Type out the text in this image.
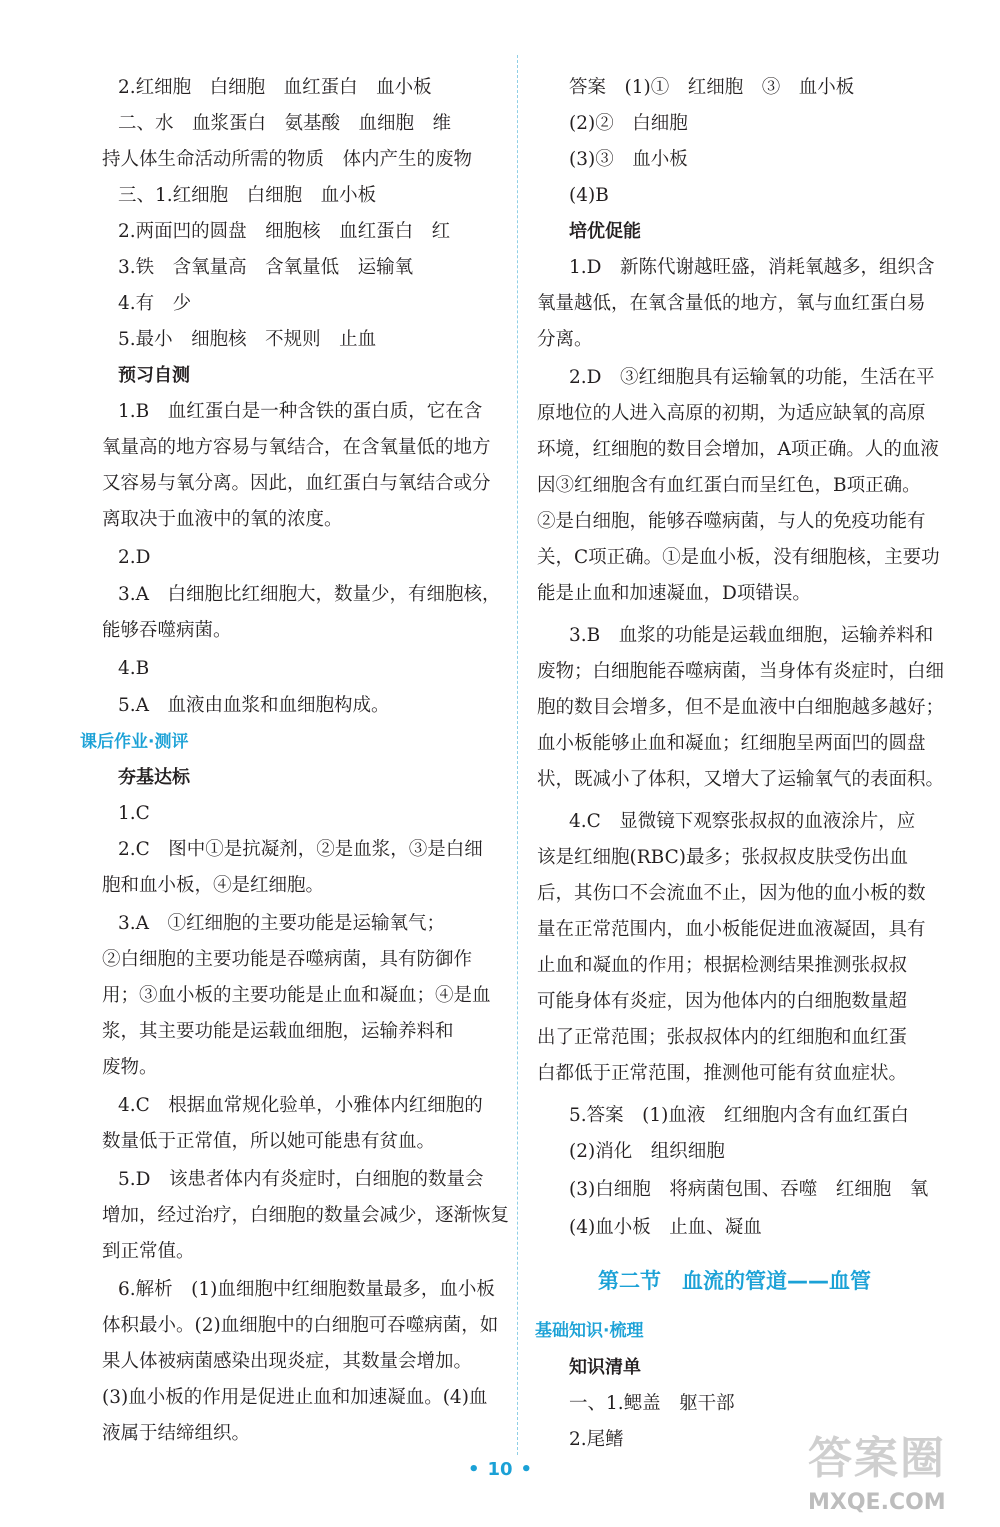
2.红细胞　白细胞　血红蛋白　血小板
二、水　血浆蛋白　氨基酸　血细胞　维
持人体生命活动所需的物质　体内产生的废物
三、1.红细胞　白细胞　血小板
2.两面凹的圆盘　细胞核　血红蛋白　红
3.铁　含氧量高　含氧量低　运输氧
4.有　少
5.最小　细胞核　不规则　止血
预习自测
1.B　血红蛋白是一种含铁的蛋白质，它在含
氧量高的地方容易与氧结合，在含氧量低的地方
又容易与氧分离。因此，血红蛋白与氧结合或分
离取决于血液中的氧的浓度。
2.D
3.A　白细胞比红细胞大，数量少，有细胞核，
能够吞噬病菌。
4.B
5.A　血液由血浆和血细胞构成。
课后作业·测评
夯基达标
1.C
2.C　图中①是抗凝剂，②是血浆，③是白细
胞和血小板，④是红细胞。
3.A　①红细胞的主要功能是运输氧气；
②白细胞的主要功能是吞噬病菌，具有防御作
用；③血小板的主要功能是止血和凝血；④是血
浆，其主要功能是运载血细胞，运输养料和
废物。
4.C　根据血常规化验单，小雅体内红细胞的
数量低于正常值，所以她可能患有贫血。
5.D　该患者体内有炎症时，白细胞的数量会
增加，经过治疗，白细胞的数量会减少，逐渐恢复
到正常值。
6.解析　(1)血细胞中红细胞数量最多，血小板
体积最小。(2)血细胞中的白细胞可吞噬病菌，如
果人体被病菌感染出现炎症，其数量会增加。
(3)血小板的作用是促进止血和加速凝血。(4)血
液属于结缔组织。
答案　(1)①　红细胞　③　血小板
(2)②　白细胞
(3)③　血小板
(4)B
培优促能
1.D　新陈代谢越旺盛，消耗氧越多，组织含
氧量越低，在氧含量低的地方，氧与血红蛋白易
分离。
2.D　③红细胞具有运输氧的功能，生活在平
原地位的人进入高原的初期，为适应缺氧的高原
环境，红细胞的数目会增加，A项正确。人的血液
因③红细胞含有血红蛋白而呈红色，B项正确。
②是白细胞，能够吞噬病菌，与人的免疫功能有
关，C项正确。①是血小板，没有细胞核，主要功
能是止血和加速凝血，D项错误。
3.B　血浆的功能是运载血细胞，运输养料和
废物；白细胞能吞噬病菌，当身体有炎症时，白细
胞的数目会增多，但不是血液中白细胞越多越好；
血小板能够止血和凝血；红细胞呈两面凹的圆盘
状，既减小了体积，又增大了运输氧气的表面积。
4.C　显微镜下观察张叔叔的血液涂片，应
该是红细胞(RBC)最多；张叔叔皮肤受伤出血
后，其伤口不会流血不止，因为他的血小板的数
量在正常范围内，血小板能促进血液凝固，具有
止血和凝血的作用；根据检测结果推测张叔叔
可能身体有炎症，因为他体内的白细胞数量超
出了正常范围；张叔叔体内的红细胞和血红蛋
白都低于正常范围，推测他可能有贫血症状。
5.答案　(1)血液　红细胞内含有血红蛋白
(2)消化　组织细胞
(3)白细胞　将病菌包围、吞噬　红细胞　氧
(4)血小板　止血、凝血
基础知识·梳理
知识清单
一、1.鳃盖　躯干部
2.尾鳍
第二节　血流的管道——血管
• 10 •	答案圈
MXQE.COM
